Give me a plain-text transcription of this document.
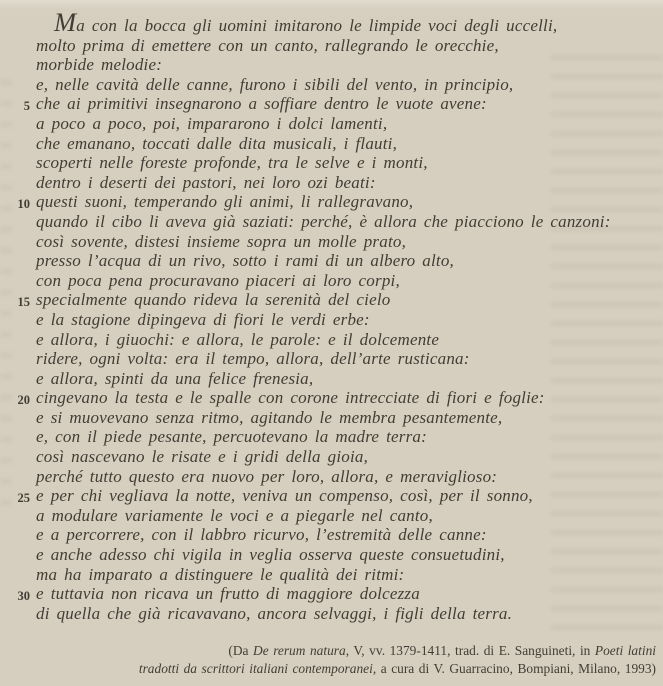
Ma con la bocca gli uomini imitarono le limpide voci degli uccelli,
molto prima di emettere con un canto, rallegrando le orecchie,
morbide melodie:
e, nelle cavità delle canne, furono i sibili del vento, in principio,
5 che ai primitivi insegnarono a soffiare dentro le vuote avene:
a poco a poco, poi, impararono i dolci lamenti,
che emanano, toccati dalle dita musicali, i flauti,
scoperti nelle foreste profonde, tra le selve e i monti,
dentro i deserti dei pastori, nei loro ozi beati:
10 questi suoni, temperando gli animi, li rallegravano,
quando il cibo li aveva già saziati: perché, è allora che piacciono le canzoni:
così sovente, distesi insieme sopra un molle prato,
presso l’acqua di un rivo, sotto i rami di un albero alto,
con poca pena procuravano piaceri ai loro corpi,
15 specialmente quando rideva la serenità del cielo
e la stagione dipingeva di fiori le verdi erbe:
e allora, i giuochi: e allora, le parole: e il dolcemente
ridere, ogni volta: era il tempo, allora, dell’arte rusticana:
e allora, spinti da una felice frenesia,
20 cingevano la testa e le spalle con corone intrecciate di fiori e foglie:
e si muovevano senza ritmo, agitando le membra pesantemente,
e, con il piede pesante, percuotevano la madre terra:
così nascevano le risate e i gridi della gioia,
perché tutto questo era nuovo per loro, allora, e meraviglioso:
25 e per chi vegliava la notte, veniva un compenso, così, per il sonno,
a modulare variamente le voci e a piegarle nel canto,
e a percorrere, con il labbro ricurvo, l’estremità delle canne:
e anche adesso chi vigila in veglia osserva queste consuetudini,
ma ha imparato a distinguere le qualità dei ritmi:
30 e tuttavia non ricava un frutto di maggiore dolcezza
di quella che già ricavavano, ancora selvaggi, i figli della terra.
(Da De rerum natura, V, vv. 1379-1411, trad. di E. Sanguineti, in Poeti latini
tradotti da scrittori italiani contemporanei, a cura di V. Guarracino, Bompiani, Milano, 1993)
